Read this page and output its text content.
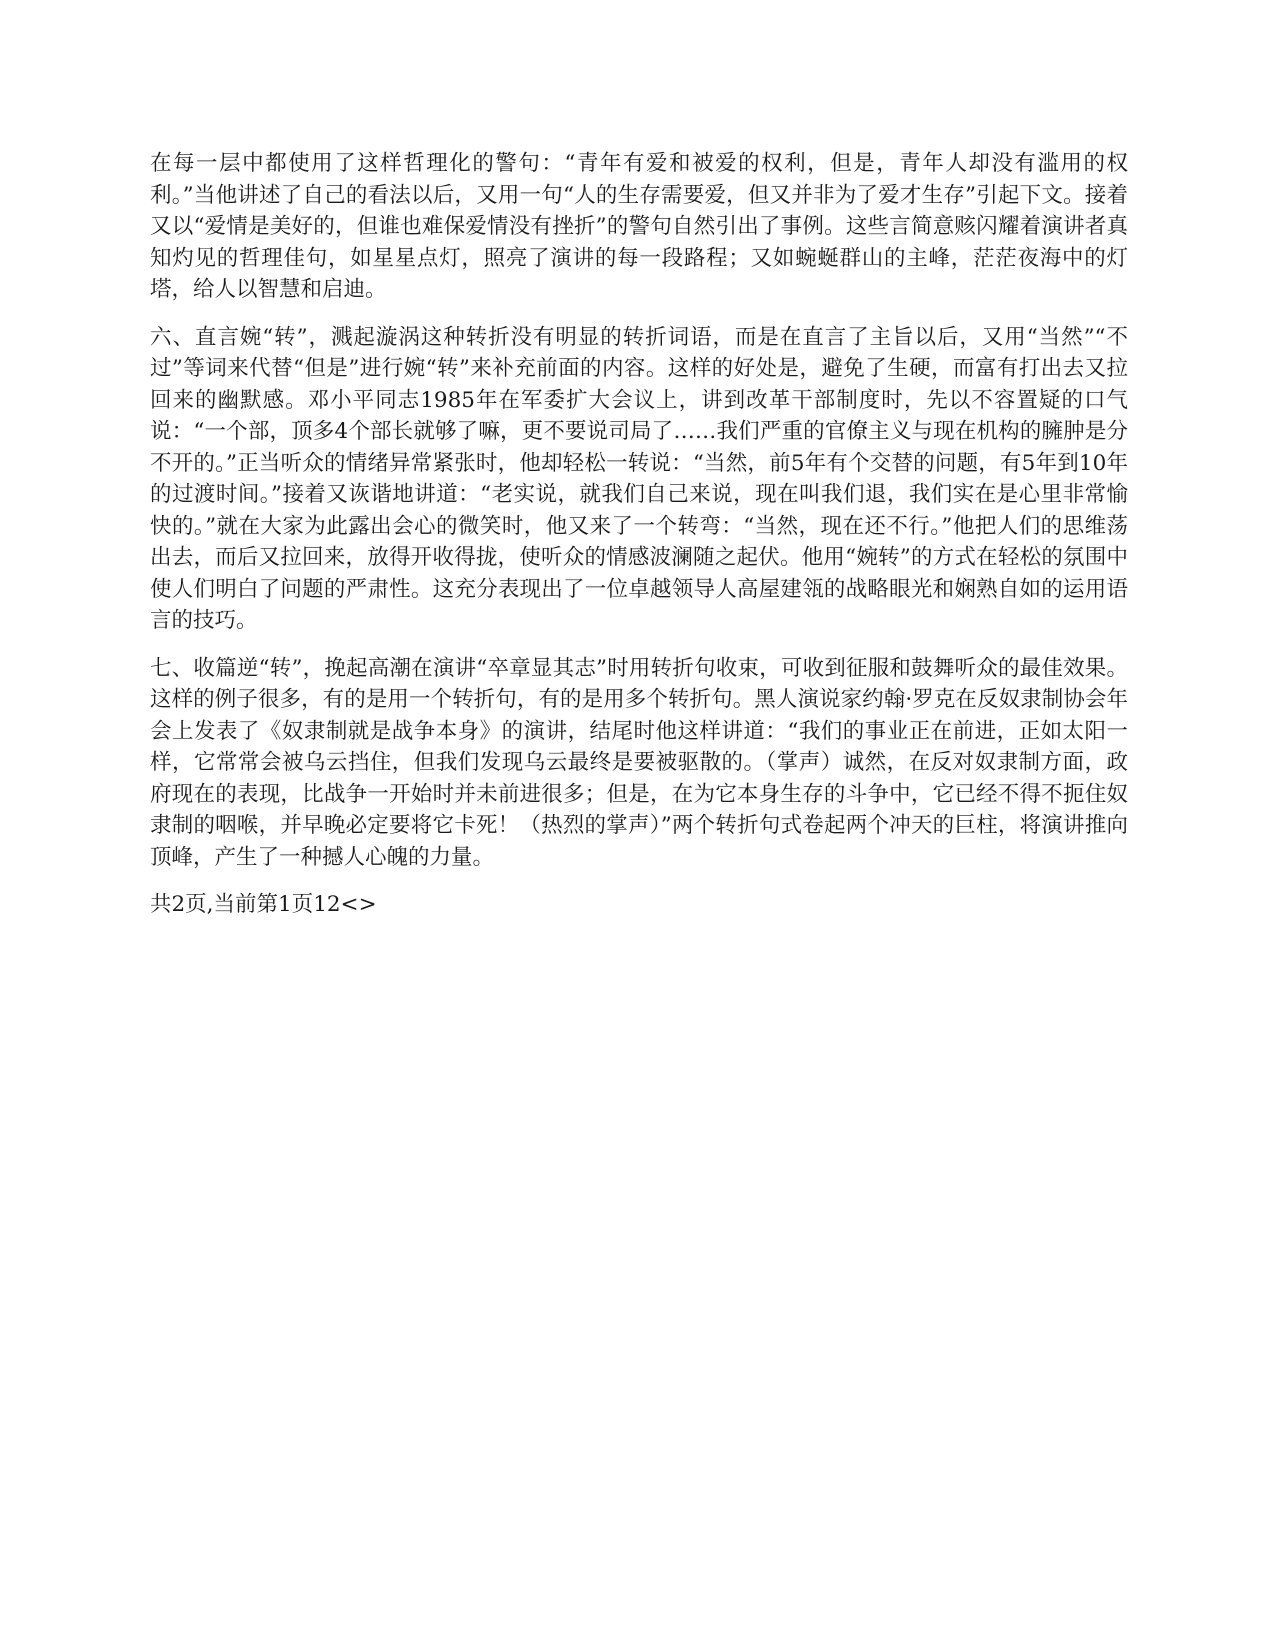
在每一层中都使用了这样哲理化的警句：“青年有爱和被爱的权利，但是，青年人却没有滥用的权利。”当他讲述了自己的看法以后，又用一句“人的生存需要爱，但又并非为了爱才生存”引起下文。接着又以“爱情是美好的，但谁也难保爱情没有挫折”的警句自然引出了事例。这些言简意赅闪耀着演讲者真知灼见的哲理佳句，如星星点灯，照亮了演讲的每一段路程；又如蜿蜒群山的主峰，茫茫夜海中的灯塔，给人以智慧和启迪。

六、直言婉“转”，溅起漩涡这种转折没有明显的转折词语，而是在直言了主旨以后，又用“当然”“不过”等词来代替“但是”进行婉“转”来补充前面的内容。这样的好处是，避免了生硬，而富有打出去又拉回来的幽默感。邓小平同志1985年在军委扩大会议上，讲到改革干部制度时，先以不容置疑的口气说：“一个部，顶多4个部长就够了嘛，更不要说司局了……我们严重的官僚主义与现在机构的臃肿是分不开的。”正当听众的情绪异常紧张时，他却轻松一转说：“当然，前5年有个交替的问题，有5年到10年的过渡时间。”接着又诙谐地讲道：“老实说，就我们自己来说，现在叫我们退，我们实在是心里非常愉快的。”就在大家为此露出会心的微笑时，他又来了一个转弯：“当然，现在还不行。”他把人们的思维荡出去，而后又拉回来，放得开收得拢，使听众的情感波澜随之起伏。他用“婉转”的方式在轻松的氛围中使人们明白了问题的严肃性。这充分表现出了一位卓越领导人高屋建瓴的战略眼光和娴熟自如的运用语言的技巧。

七、收篇逆“转”，挽起高潮在演讲“卒章显其志”时用转折句收束，可收到征服和鼓舞听众的最佳效果。这样的例子很多，有的是用一个转折句，有的是用多个转折句。黑人演说家约翰·罗克在反奴隶制协会年会上发表了《奴隶制就是战争本身》的演讲，结尾时他这样讲道：“我们的事业正在前进，正如太阳一样，它常常会被乌云挡住，但我们发现乌云最终是要被驱散的。（掌声）诚然，在反对奴隶制方面，政府现在的表现，比战争一开始时并未前进很多；但是，在为它本身生存的斗争中，它已经不得不扼住奴隶制的咽喉，并早晚必定要将它卡死！（热烈的掌声）”两个转折句式卷起两个冲天的巨柱，将演讲推向顶峰，产生了一种撼人心魄的力量。

共2页,当前第1页12<>
